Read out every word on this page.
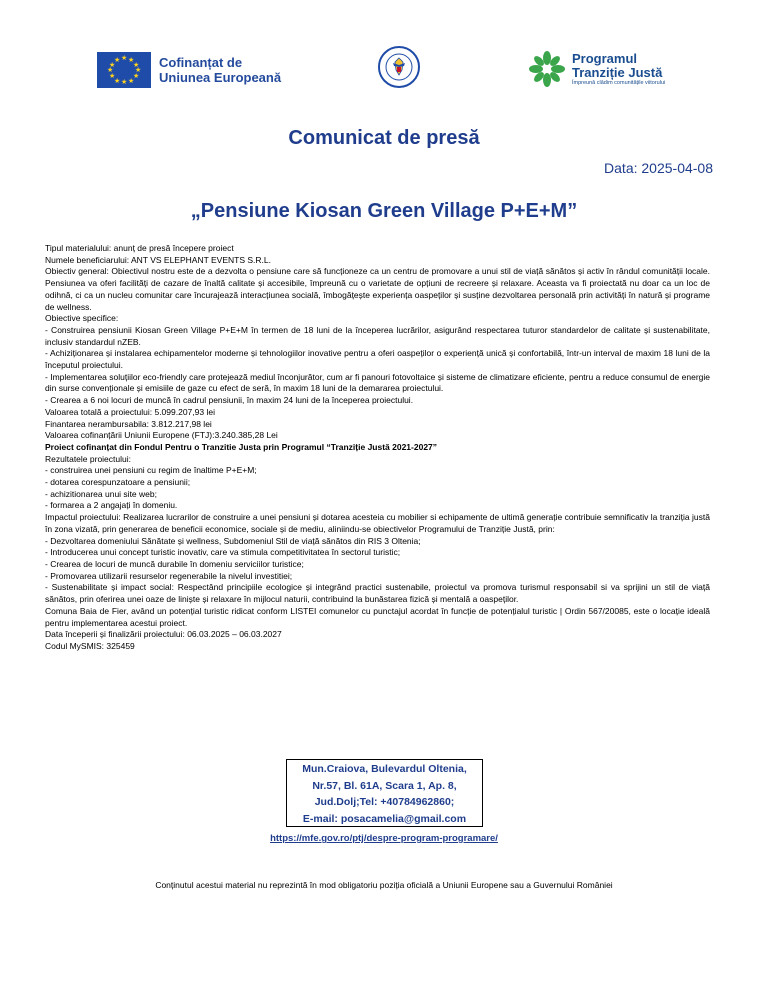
★ ★
★
★
★
★
★
★
★
★
★
★	Cofinanțat de
Uniunea Europeană
Programul
Tranziție Justă
Împreună clădim comunitățile viitorului
Comunicat de presă
Data: 2025-04-08
„Pensiune Kiosan Green Village P+E+M”

Tipul materialului: anunț de presă începere proiect

Numele beneficiarului: ANT VS ELEPHANT EVENTS S.R.L.

Obiectiv general: Obiectivul nostru este de a dezvolta o pensiune care să funcționeze ca un centru de promovare a unui stil de viață sănătos și activ în rândul comunității locale. Pensiunea va oferi facilități de cazare de înaltă calitate și accesibile, împreună cu o varietate de opțiuni de recreere și relaxare. Aceasta va fi proiectată nu doar ca un loc de odihnă, ci ca un nucleu comunitar care încurajează interacțiunea socială, îmbogățește experiența oaspeților și susține dezvoltarea personală prin activități în natură și programe de wellness.

Obiective specifice:

- Construirea pensiunii Kiosan Green Village P+E+M în termen de 18 luni de la începerea lucrărilor, asigurând respectarea tuturor standardelor de calitate și sustenabilitate, inclusiv standardul nZEB.

- Achiziționarea și instalarea echipamentelor moderne și tehnologiilor inovative pentru a oferi oaspeților o experiență unică și confortabilă, într-un interval de maxim 18 luni de la începutul proiectului.

- Implementarea soluțiilor eco-friendly care protejează mediul înconjurător, cum ar fi panouri fotovoltaice și sisteme de climatizare eficiente, pentru a reduce consumul de energie din surse convenționale și emisiile de gaze cu efect de seră, în maxim 18 luni de la demararea proiectului.

- Crearea a 6 noi locuri de muncă în cadrul pensiunii, în maxim 24 luni de la începerea proiectului.

Valoarea totală a proiectului: 5.099.207,93 lei

Finantarea nerambursabila: 3.812.217,98 lei

Valoarea cofinanțării Uniunii Europene (FTJ):3.240.385,28 Lei

Proiect cofinanțat din Fondul Pentru o Tranzitie Justa prin Programul “Tranziție Justă 2021-2027”

Rezultatele proiectului:

- construirea unei pensiuni cu regim de înaltime P+E+M;

- dotarea corespunzatoare a pensiunii;

- achizitionarea unui site web;

- formarea a 2 angajați în domeniu.

Impactul proiectului: Realizarea lucrarilor de construire a unei pensiuni și dotarea acesteia cu mobilier si echipamente de ultimă generație contribuie semnificativ la tranziția justă în zona vizată, prin generarea de beneficii economice, sociale și de mediu, aliniindu-se obiectivelor Programului de Tranziție Justă, prin:

- Dezvoltarea domeniului Sănătate și wellness, Subdomeniul Stil de viață sănătos din RIS 3 Oltenia;

- Introducerea unui concept turistic inovativ, care va stimula competitivitatea în sectorul turistic;

- Crearea de locuri de muncă durabile în domeniu serviciilor turistice;

- Promovarea utilizarii resurselor regenerabile la nivelul investitiei;

- Sustenabilitate și impact social: Respectând principiile ecologice și integrând practici sustenabile, proiectul va promova turismul responsabil si va sprijini un stil de viață sănătos, prin oferirea unei oaze de liniște și relaxare în mijlocul naturii, contribuind la bunăstarea fizică și mentală a oaspeților.

Comuna Baia de Fier, având un potențial turistic ridicat conform LISTEI comunelor cu punctajul acordat în funcție de potențialul turistic | Ordin 567/20085, este o locație ideală pentru implementarea acestui proiect.

Data începerii și finalizării proiectului: 06.03.2025 – 06.03.2027

Codul MySMIS: 325459

Mun.Craiova, Bulevardul Oltenia,
Nr.57, Bl. 61A, Scara 1, Ap. 8,
Jud.Dolj;Tel: +40784962860;
E-mail: posacamelia@gmail.com
https://mfe.gov.ro/ptj/despre-program-programare/
Conținutul acestui material nu reprezintă în mod obligatoriu poziția oficială a Uniunii Europene sau a Guvernului României
